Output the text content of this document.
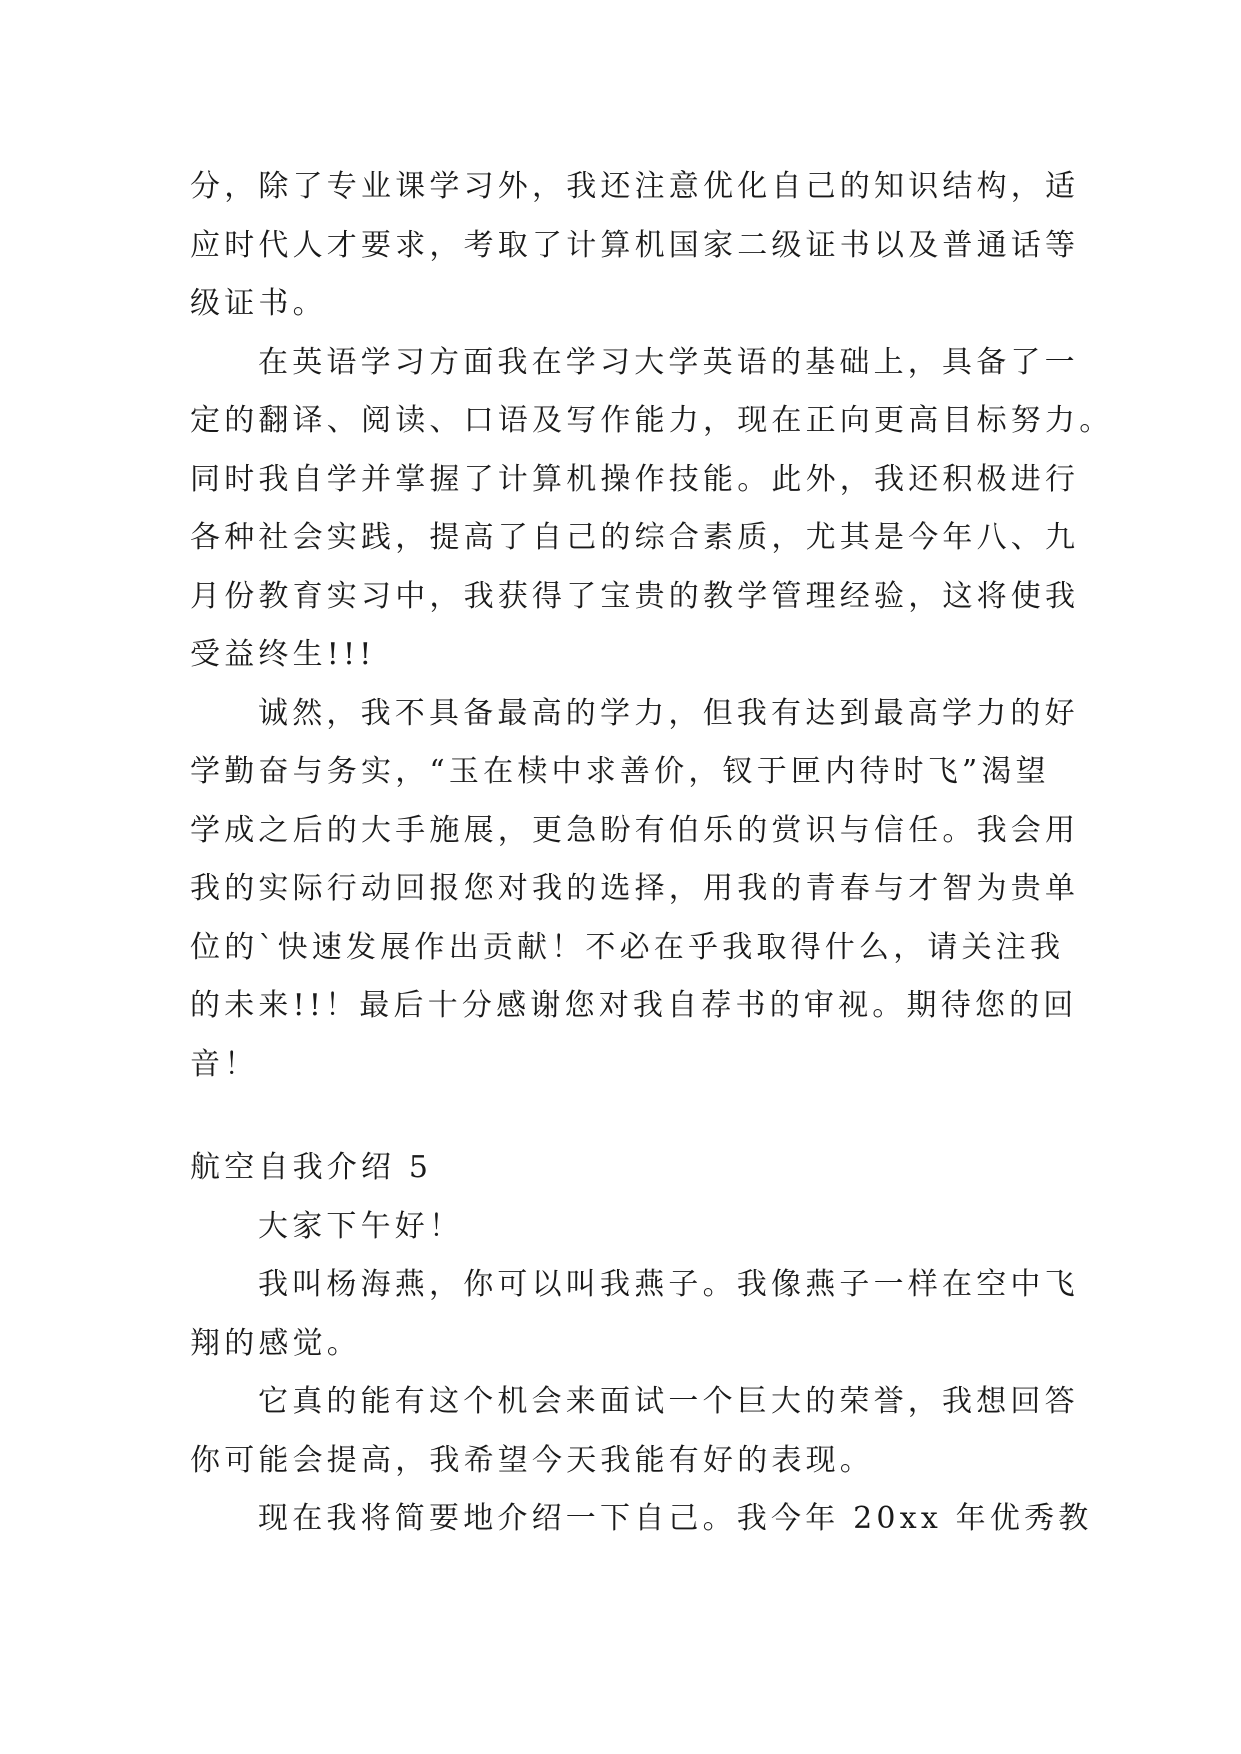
分，除了专业课学习外，我还注意优化自己的知识结构，适
应时代人才要求，考取了计算机国家二级证书以及普通话等
级证书。
在英语学习方面我在学习大学英语的基础上，具备了一
定的翻译、阅读、口语及写作能力，现在正向更高目标努力。
同时我自学并掌握了计算机操作技能。此外，我还积极进行
各种社会实践，提高了自己的综合素质，尤其是今年八、九
月份教育实习中，我获得了宝贵的教学管理经验，这将使我
受益终生!!!
诚然，我不具备最高的学力，但我有达到最高学力的好
学勤奋与务实，“玉在椟中求善价，钗于匣内待时飞”渴望
学成之后的大手施展，更急盼有伯乐的赏识与信任。我会用
我的实际行动回报您对我的选择，用我的青春与才智为贵单
位的`快速发展作出贡献！不必在乎我取得什么，请关注我
的未来!!！最后十分感谢您对我自荐书的审视。期待您的回
音！
航空自我介绍 5
大家下午好！
我叫杨海燕，你可以叫我燕子。我像燕子一样在空中飞
翔的感觉。
它真的能有这个机会来面试一个巨大的荣誉，我想回答
你可能会提高，我希望今天我能有好的表现。
现在我将简要地介绍一下自己。我今年 20xx 年优秀教
